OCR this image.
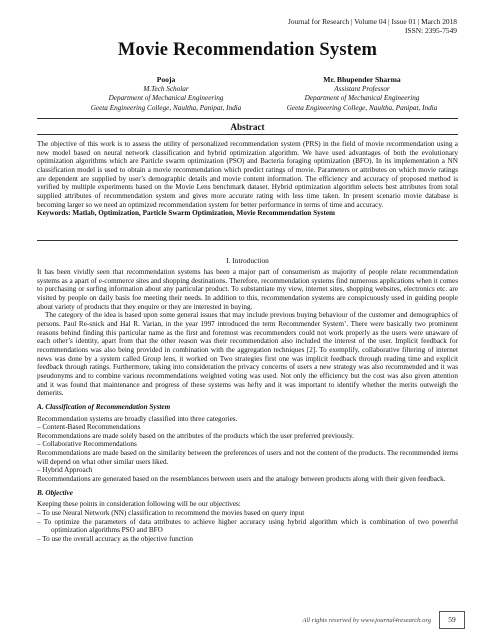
Journal for Research | Volume 04 | Issue 01 | March 2018
ISSN: 2395-7549
Movie Recommendation System
Pooja
M.Tech Scholar
Department of Mechanical Engineering
Geeta Engineering College, Naultha, Panipat, India
Mr. Bhupender Sharma
Assistant Professor
Department of Mechanical Engineering
Geeta Engineering College, Naultha, Panipat, India
Abstract

The objective of this work is to assess the utility of personalized recommendation system (PRS) in the field of movie recommendation using a new model based on neural network classification and hybrid optimization algorithm. We have used advantages of both the evolutionary optimization algorithms which are Particle swarm optimization (PSO) and Bacteria foraging optimization (BFO). In its implementation a NN classification model is used to obtain a movie recommendation which predict ratings of movie. Parameters or attributes on which movie ratings are dependent are supplied by user’s demographic details and movie content information. The efficiency and accuracy of proposed method is verified by multiple experiments based on the Movie Lens benchmark dataset. Hybrid optimization algorithm selects best attributes from total supplied attributes of recommendation system and gives more accurate rating with less time taken. In present scenario movie database is becoming larger so we need an optimized recommendation system for better performance in terms of time and accuracy.

Keywords: Matlab, Optimization, Particle Swarm Optimization, Movie Recommendation System

I. Introduction

It has been vividly seen that recommendation systems has been a major part of consumerism as majority of people relate recommendation systems as a apart of e-commerce sites and shopping destinations. Therefore, recommendation systems find numerous applications when it comes to purchasing or surfing information about any particular product. To substantiate my view, internet sites, shopping websites, electronics etc. are visited by people on daily basis foe meeting their needs. In addition to this, recommendation systems are conspicuously used in guiding people about variety of products that they enquire or they are interested in buying.

The category of the idea is based upon some general issues that may include previous buying behaviour of the customer and demographics of persons. Paul Re-snick and Hal R. Varian, in the year 1997 introduced the term Recommender System’. There were basically two prominent reasons behind finding this particular name as the first and foremost was recommenders could not work properly as the users were unaware of each other’s identity, apart from that the other reason was their recommendation also included the interest of the user. Implicit feedback for recommendations was also being provided in combination with the aggregation techniques [2]. To exemplify, collaborative filtering of internet news was done by a system called Group lens, it worked on Two strategies first one was implicit feedback through reading time and explicit feedback through ratings. Furthermore, taking into consideration the privacy concerns of users a new strategy was also recommended and it was pseudonyms and to combine various recommendations weighted voting was used. Not only the efficiency but the cost was also given attention and it was found that maintenance and progress of these systems was hefty and it was important to identify whether the merits outweigh the demerits.

A. Classification of Recommendation System

Recommendation systems are broadly classified into three categories.

– Content-Based Recommendations

Recommendations are made solely based on the attributes of the products which the user preferred previously.

– Collaborative Recommendations

Recommendations are made based on the similarity between the preferences of users and not the content of the products. The recommended items will depend on what other similar users liked.

– Hybrid Approach

Recommendations are generated based on the resemblances between users and the analogy between products along with their given feedback.

B. Objective

Keeping these points in consideration following will be our objectives:

– To use Neural Network (NN) classification to recommend the movies based on query input

– To optimize the parameters of data attributes to achieve higher accuracy using hybrid algorithm which is combination of two powerful optimization algorithms PSO and BFO

– To use the overall accuracy as the objective function

All rights reserved by www.journal4research.org	59
